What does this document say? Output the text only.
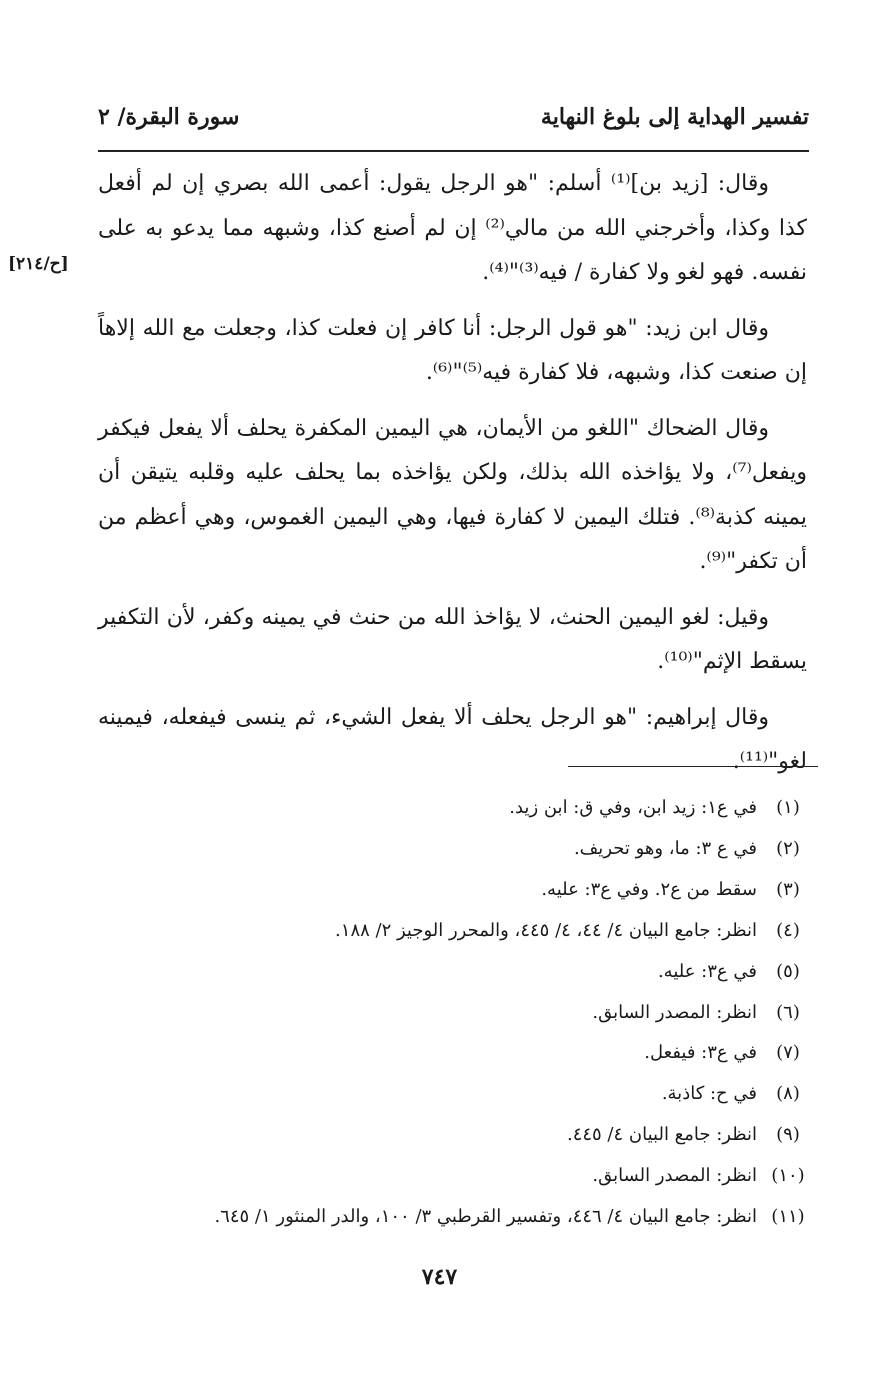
تفسير الهداية إلى بلوغ النهاية
سورة البقرة/ ٢
[ح/٢١٤]

وقال: [زيد بن]⁽¹⁾ أسلم: "هو الرجل يقول: أعمى الله بصري إن لم أفعل كذا وكذا، وأخرجني الله من مالي⁽²⁾ إن لم أصنع كذا، وشبهه مما يدعو به على نفسه. فهو لغو ولا كفارة / فيه⁽³⁾"⁽⁴⁾.

وقال ابن زيد: "هو قول الرجل: أنا كافر إن فعلت كذا، وجعلت مع الله إلاهاً إن صنعت كذا، وشبهه، فلا كفارة فيه⁽⁵⁾"⁽⁶⁾.

وقال الضحاك "اللغو من الأيمان، هي اليمين المكفرة يحلف ألا يفعل فيكفر ويفعل⁽⁷⁾، ولا يؤاخذه الله بذلك، ولكن يؤاخذه بما يحلف عليه وقلبه يتيقن أن يمينه كذبة⁽⁸⁾. فتلك اليمين لا كفارة فيها، وهي اليمين الغموس، وهي أعظم من أن تكفر"⁽⁹⁾.

وقيل: لغو اليمين الحنث، لا يؤاخذ الله من حنث في يمينه وكفر، لأن التكفير يسقط الإثم"⁽¹⁰⁾.

وقال إبراهيم: "هو الرجل يحلف ألا يفعل الشيء، ثم ينسى فيفعله، فيمينه لغو"⁽¹¹⁾.

(١)
في ع١: زيد ابن، وفي ق: ابن زيد.
(٢)
في ع ٣: ما، وهو تحريف.
(٣)
سقط من ع٢. وفي ع٣: عليه.
(٤)
انظر: جامع البيان ٤/ ٤٤، ٤/ ٤٤٥، والمحرر الوجيز ٢/ ١٨٨.
(٥)
في ع٣: عليه.
(٦)
انظر: المصدر السابق.
(٧)
في ع٣: فيفعل.
(٨)
في ح: كاذبة.
(٩)
انظر: جامع البيان ٤/ ٤٤٥.
(١٠)
انظر: المصدر السابق.
(١١)
انظر: جامع البيان ٤/ ٤٤٦، وتفسير القرطبي ٣/ ١٠٠، والدر المنثور ١/ ٦٤٥.
٧٤٧
